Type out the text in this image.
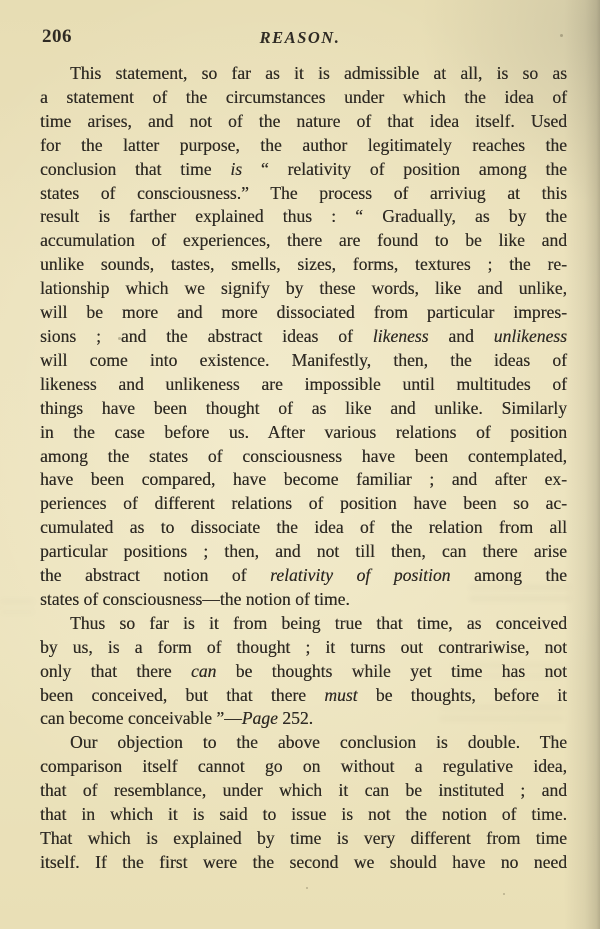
206	REASON.
This statement, so far as it is admissible at all, is so as
a statement of the circumstances under which the idea of
time arises, and not of the nature of that idea itself. Used
for the latter purpose, the author legitimately reaches the
conclusion that time is “ relativity of position among the
states of consciousness.” The process of arriviug at this
result is farther explained thus : “ Gradually, as by the
accumulation of experiences, there are found to be like and
unlike sounds, tastes, smells, sizes, forms, textures ; the re-
lationship which we signify by these words, like and unlike,
will be more and more dissociated from particular impres-
sions ; and the abstract ideas of likeness and unlikeness
will come into existence. Manifestly, then, the ideas of
likeness and unlikeness are impossible until multitudes of
things have been thought of as like and unlike. Similarly
in the case before us. After various relations of position
among the states of consciousness have been contemplated,
have been compared, have become familiar ; and after ex-
periences of different relations of position have been so ac-
cumulated as to dissociate the idea of the relation from all
particular positions ; then, and not till then, can there arise
the abstract notion of relativity of position among the
states of consciousness—the notion of time.
Thus so far is it from being true that time, as conceived
by us, is a form of thought ; it turns out contrariwise, not
only that there can be thoughts while yet time has not
been conceived, but that there must be thoughts, before it
can become conceivable ”—Page 252.
Our objection to the above conclusion is double. The
comparison itself cannot go on without a regulative idea,
that of resemblance, under which it can be instituted ; and
that in which it is said to issue is not the notion of time.
That which is explained by time is very different from time
itself. If the first were the second we should have no need
